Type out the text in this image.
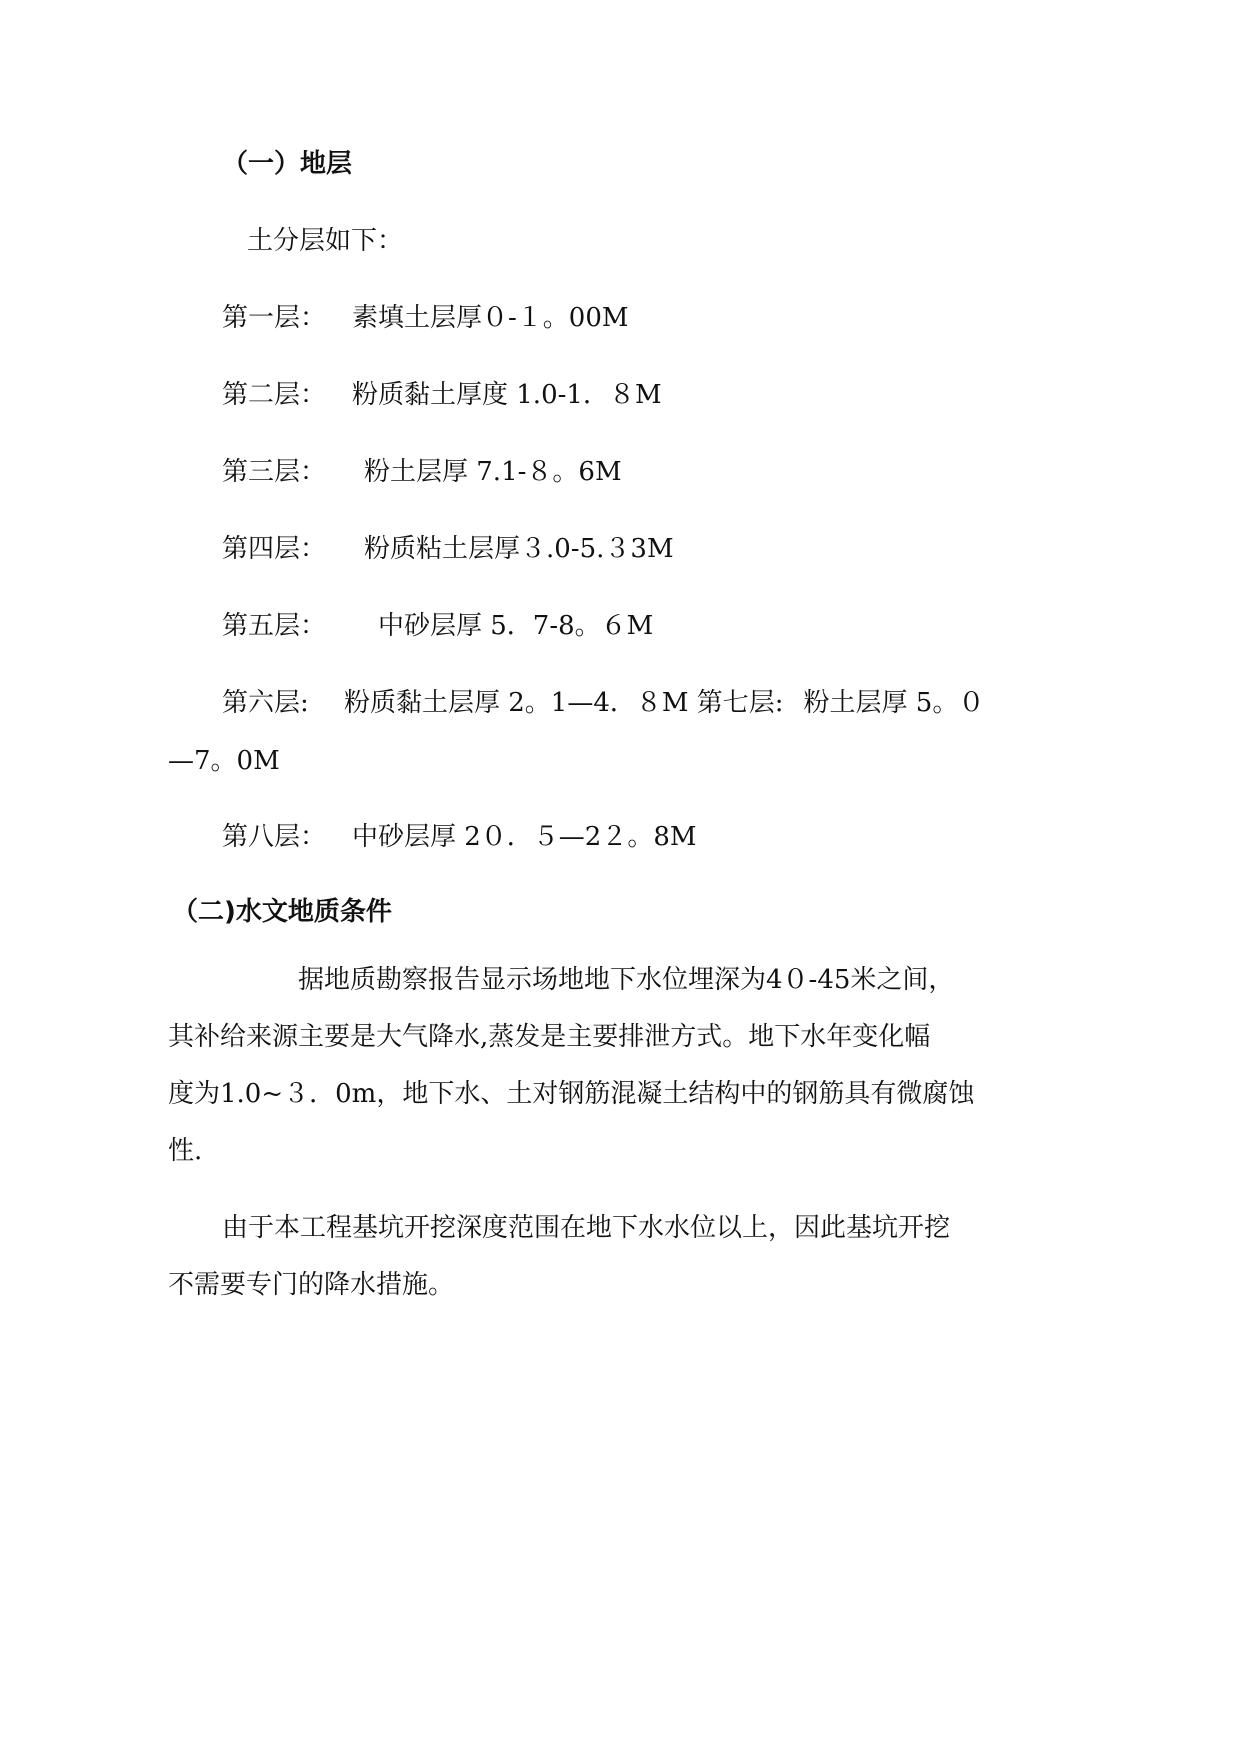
（一）地层
土分层如下：
第一层： 素填土层厚０-１。00M
第二层： 粉质黏土厚度 1.0-1．８M
第三层： 粉土层厚 7.1-８。6M
第四层： 粉质粘土层厚３.0-5.３3M
第五层： 中砂层厚 5．7-8。６M
第六层: 粉质黏土层厚 2。1—4．８M 第七层: 粉土层厚 5。０
—7。0M
第八层： 中砂层厚 2０．５—2２。8M
（二)水文地质条件
据地质勘察报告显示场地地下水位埋深为4０-45米之间，
其补给来源主要是大气降水,蒸发是主要排泄方式。地下水年变化幅
度为1.0~３．0m，地下水、土对钢筋混凝土结构中的钢筋具有微腐蚀
性.
由于本工程基坑开挖深度范围在地下水水位以上，因此基坑开挖
不需要专门的降水措施。
